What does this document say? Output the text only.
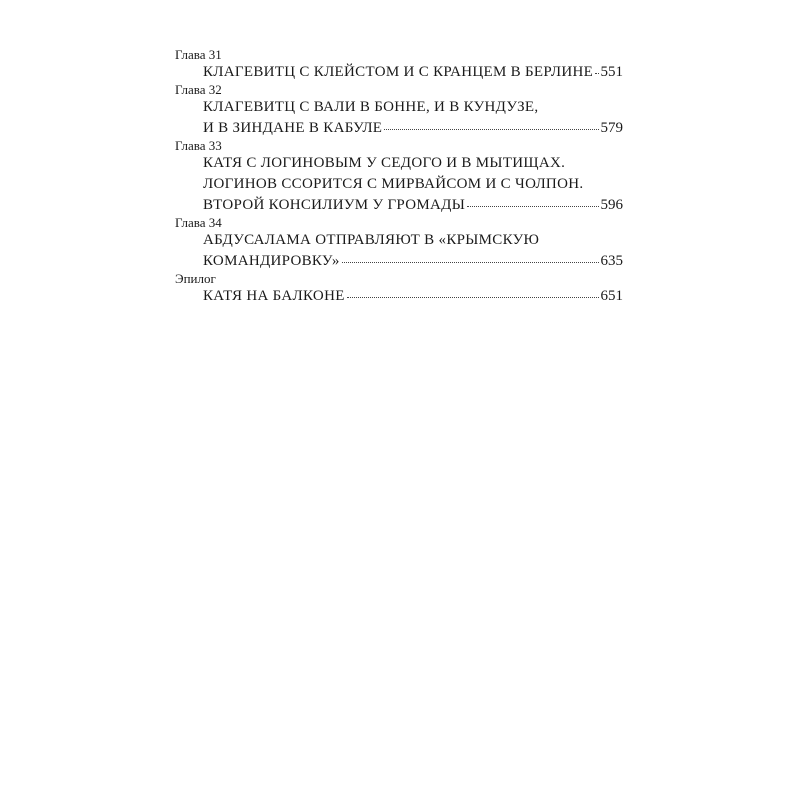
Глава 31
КЛАГЕВИТЦ С КЛЕЙСТОМ И С КРАНЦЕМ В БЕРЛИНЕ 551
Глава 32
КЛАГЕВИТЦ С ВАЛИ В БОННЕ, И В КУНДУЗЕ,
И В ЗИНДАНЕ В КАБУЛЕ	579
Глава 33
КАТЯ С ЛОГИНОВЫМ У СЕДОГО И В МЫТИЩАХ.
ЛОГИНОВ ССОРИТСЯ С МИРВАЙСОМ И С ЧОЛПОН.
ВТОРОЙ КОНСИЛИУМ У ГРОМАДЫ	596
Глава 34
АБДУСАЛАМА ОТПРАВЛЯЮТ В «КРЫМСКУЮ
КОМАНДИРОВКУ»	635
Эпилог
КАТЯ НА БАЛКОНЕ	651
